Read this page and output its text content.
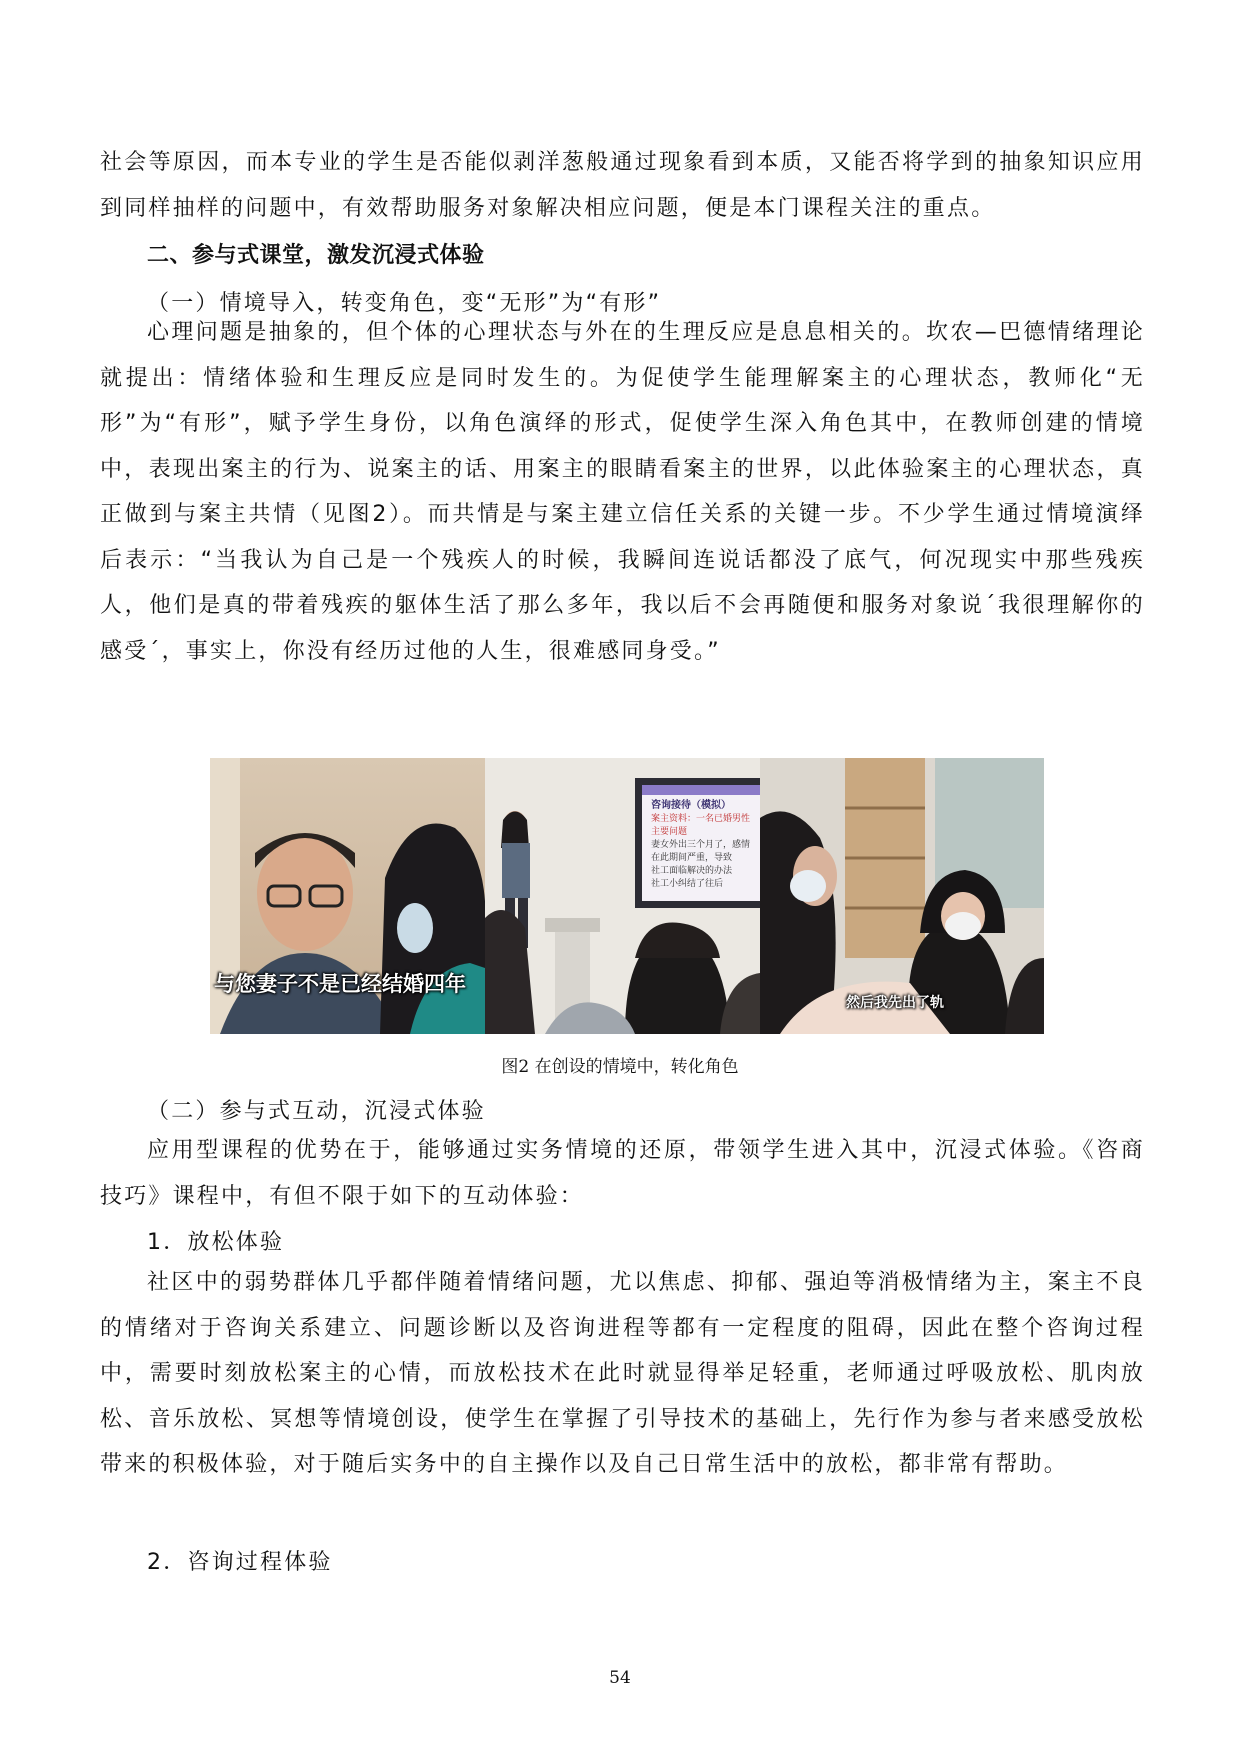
社会等原因，而本专业的学生是否能似剥洋葱般通过现象看到本质，又能否将学到的抽象知识应用到同样抽样的问题中，有效帮助服务对象解决相应问题，便是本门课程关注的重点。

二、参与式课堂，激发沉浸式体验

（一）情境导入，转变角色，变“无形”为“有形”

心理问题是抽象的，但个体的心理状态与外在的生理反应是息息相关的。坎农—巴德情绪理论就提出：情绪体验和生理反应是同时发生的。为促使学生能理解案主的心理状态，教师化“无形”为“有形”，赋予学生身份，以角色演绎的形式，促使学生深入角色其中，在教师创建的情境中，表现出案主的行为、说案主的话、用案主的眼睛看案主的世界，以此体验案主的心理状态，真正做到与案主共情（见图2）。而共情是与案主建立信任关系的关键一步。不少学生通过情境演绎后表示：“当我认为自己是一个残疾人的时候，我瞬间连说话都没了底气，何况现实中那些残疾人，他们是真的带着残疾的躯体生活了那么多年，我以后不会再随便和服务对象说´我很理解你的感受´，事实上，你没有经历过他的人生，很难感同身受。”

与您妻子不是已经结婚四年
咨询接待（模拟）
案主资料：一名已婚男性
主要问题
妻女外出三个月了，感情
在此期间严重，导致
社工面临解决的办法
社工小纠结了往后
然后我先出了轨
图2 在创设的情境中，转化角色

（二）参与式互动，沉浸式体验

应用型课程的优势在于，能够通过实务情境的还原，带领学生进入其中，沉浸式体验。《咨商技巧》课程中，有但不限于如下的互动体验：

1．放松体验

社区中的弱势群体几乎都伴随着情绪问题，尤以焦虑、抑郁、强迫等消极情绪为主，案主不良的情绪对于咨询关系建立、问题诊断以及咨询进程等都有一定程度的阻碍，因此在整个咨询过程中，需要时刻放松案主的心情，而放松技术在此时就显得举足轻重，老师通过呼吸放松、肌肉放松、音乐放松、冥想等情境创设，使学生在掌握了引导技术的基础上，先行作为参与者来感受放松带来的积极体验，对于随后实务中的自主操作以及自己日常生活中的放松，都非常有帮助。

2．咨询过程体验

54
